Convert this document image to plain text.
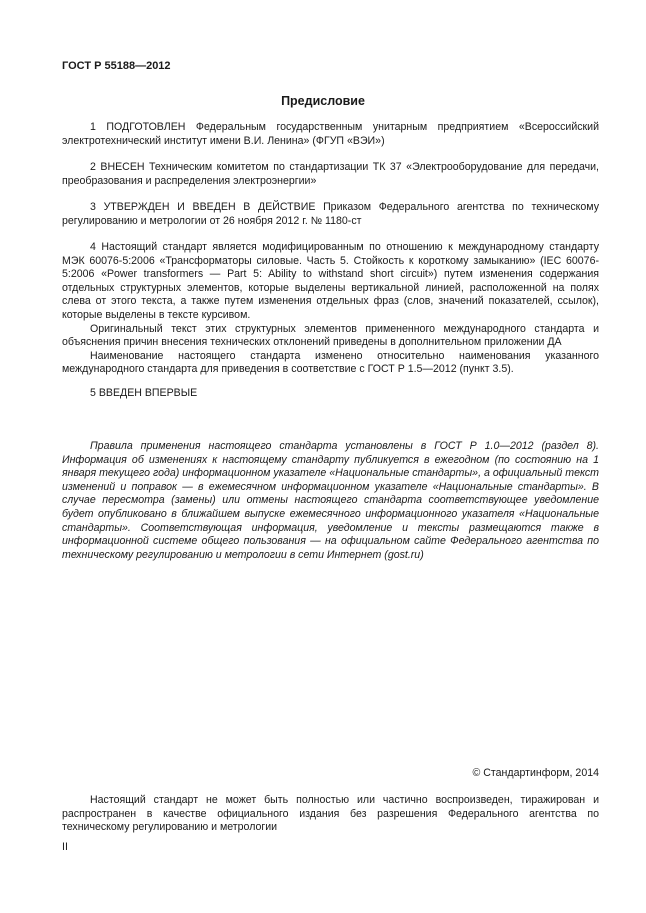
ГОСТ Р 55188—2012
Предисловие

1 ПОДГОТОВЛЕН Федеральным государственным унитарным предприятием «Всероссийский электротехнический институт имени В.И. Ленина» (ФГУП «ВЭИ»)

2 ВНЕСЕН Техническим комитетом по стандартизации ТК 37 «Электрооборудование для передачи, преобразования и распределения электроэнергии»

3 УТВЕРЖДЕН И ВВЕДЕН В ДЕЙСТВИЕ Приказом Федерального агентства по техническому регулированию и метрологии от 26 ноября 2012 г. № 1180-ст

4 Настоящий стандарт является модифицированным по отношению к международному стандарту МЭК 60076-5:2006 «Трансформаторы силовые. Часть 5. Стойкость к короткому замыканию» (IEC 60076-5:2006 «Power transformers — Part 5: Ability to withstand short circuit») путем изменения содержания отдельных структурных элементов, которые выделены вертикальной линией, расположенной на полях слева от этого текста, а также путем изменения отдельных фраз (слов, значений показателей, ссылок), которые выделены в тексте курсивом.

Оригинальный текст этих структурных элементов примененного международного стандарта и объяснения причин внесения технических отклонений приведены в дополнительном приложении ДА

Наименование настоящего стандарта изменено относительно наименования указанного международного стандарта для приведения в соответствие с ГОСТ Р 1.5—2012 (пункт 3.5).

5 ВВЕДЕН ВПЕРВЫЕ

Правила применения настоящего стандарта установлены в ГОСТ Р 1.0—2012 (раздел 8). Информация об изменениях к настоящему стандарту публикуется в ежегодном (по состоянию на 1 января текущего года) информационном указателе «Национальные стандарты», а официальный текст изменений и поправок — в ежемесячном информационном указателе «Национальные стандарты». В случае пересмотра (замены) или отмены настоящего стандарта соответствующее уведомление будет опубликовано в ближайшем выпуске ежемесячного информационного указателя «Национальные стандарты». Соответствующая информация, уведомление и тексты размещаются также в информационной системе общего пользования — на официальном сайте Федерального агентства по техническому регулированию и метрологии в сети Интернет (gost.ru)

© Стандартинформ, 2014

Настоящий стандарт не может быть полностью или частично воспроизведен, тиражирован и распространен в качестве официального издания без разрешения Федерального агентства по техническому регулированию и метрологии

II
